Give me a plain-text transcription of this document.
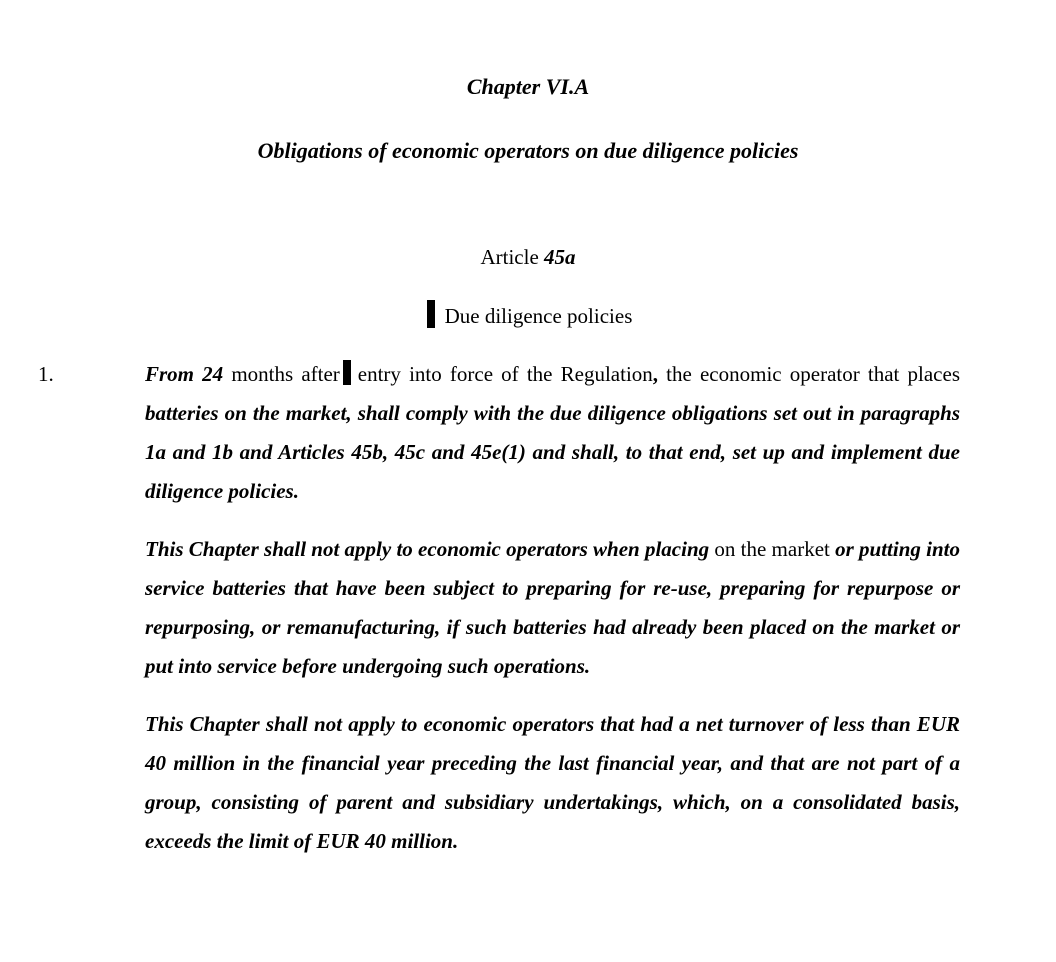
Chapter VI.A
Obligations of economic operators on due diligence policies
Article 45a
Due diligence policies
1.	From 24 months after entry into force of the Regulation, the economic operator that places batteries on the market, shall comply with the due diligence obligations set out in paragraphs 1a and 1b and Articles 45b, 45c and 45e(1) and shall, to that end, set up and implement due diligence policies.
This Chapter shall not apply to economic operators when placing on the market or putting into service batteries that have been subject to preparing for re-use, preparing for repurpose or repurposing, or remanufacturing, if such batteries had already been placed on the market or put into service before undergoing such operations.
This Chapter shall not apply to economic operators that had a net turnover of less than EUR 40 million in the financial year preceding the last financial year, and that are not part of a group, consisting of parent and subsidiary undertakings, which, on a consolidated basis, exceeds the limit of EUR 40 million.
